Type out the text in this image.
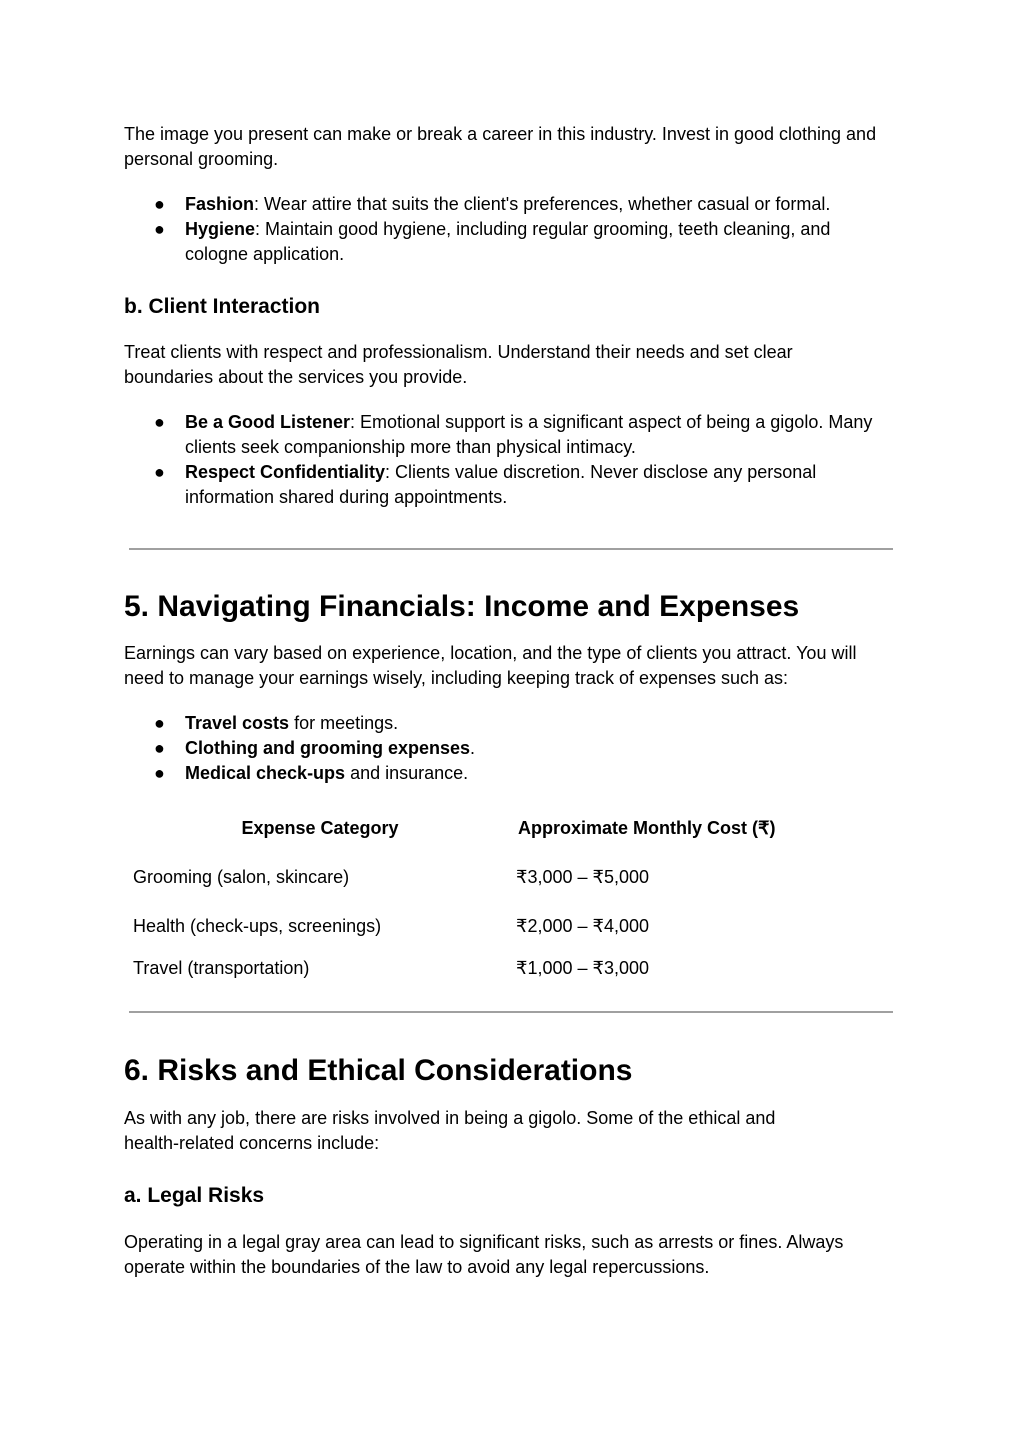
The image you present can make or break a career in this industry. Invest in good clothing and personal grooming.

● Fashion: Wear attire that suits the client's preferences, whether casual or formal.
● Hygiene: Maintain good hygiene, including regular grooming, teeth cleaning, and cologne application.
b. Client Interaction

Treat clients with respect and professionalism. Understand their needs and set clear boundaries about the services you provide.

● Be a Good Listener: Emotional support is a significant aspect of being a gigolo. Many clients seek companionship more than physical intimacy.
● Respect Confidentiality: Clients value discretion. Never disclose any personal information shared during appointments.
5. Navigating Financials: Income and Expenses

Earnings can vary based on experience, location, and the type of clients you attract. You will need to manage your earnings wisely, including keeping track of expenses such as:

● Travel costs for meetings.
● Clothing and grooming expenses.
● Medical check-ups and insurance.
Expense Category	Approximate Monthly Cost (₹)
Grooming (salon, skincare)	₹3,000 – ₹5,000
Health (check-ups, screenings)	₹2,000 – ₹4,000
Travel (transportation)	₹1,000 – ₹3,000
6. Risks and Ethical Considerations

As with any job, there are risks involved in being a gigolo. Some of the ethical and health-related concerns include:

a. Legal Risks

Operating in a legal gray area can lead to significant risks, such as arrests or fines. Always operate within the boundaries of the law to avoid any legal repercussions.
